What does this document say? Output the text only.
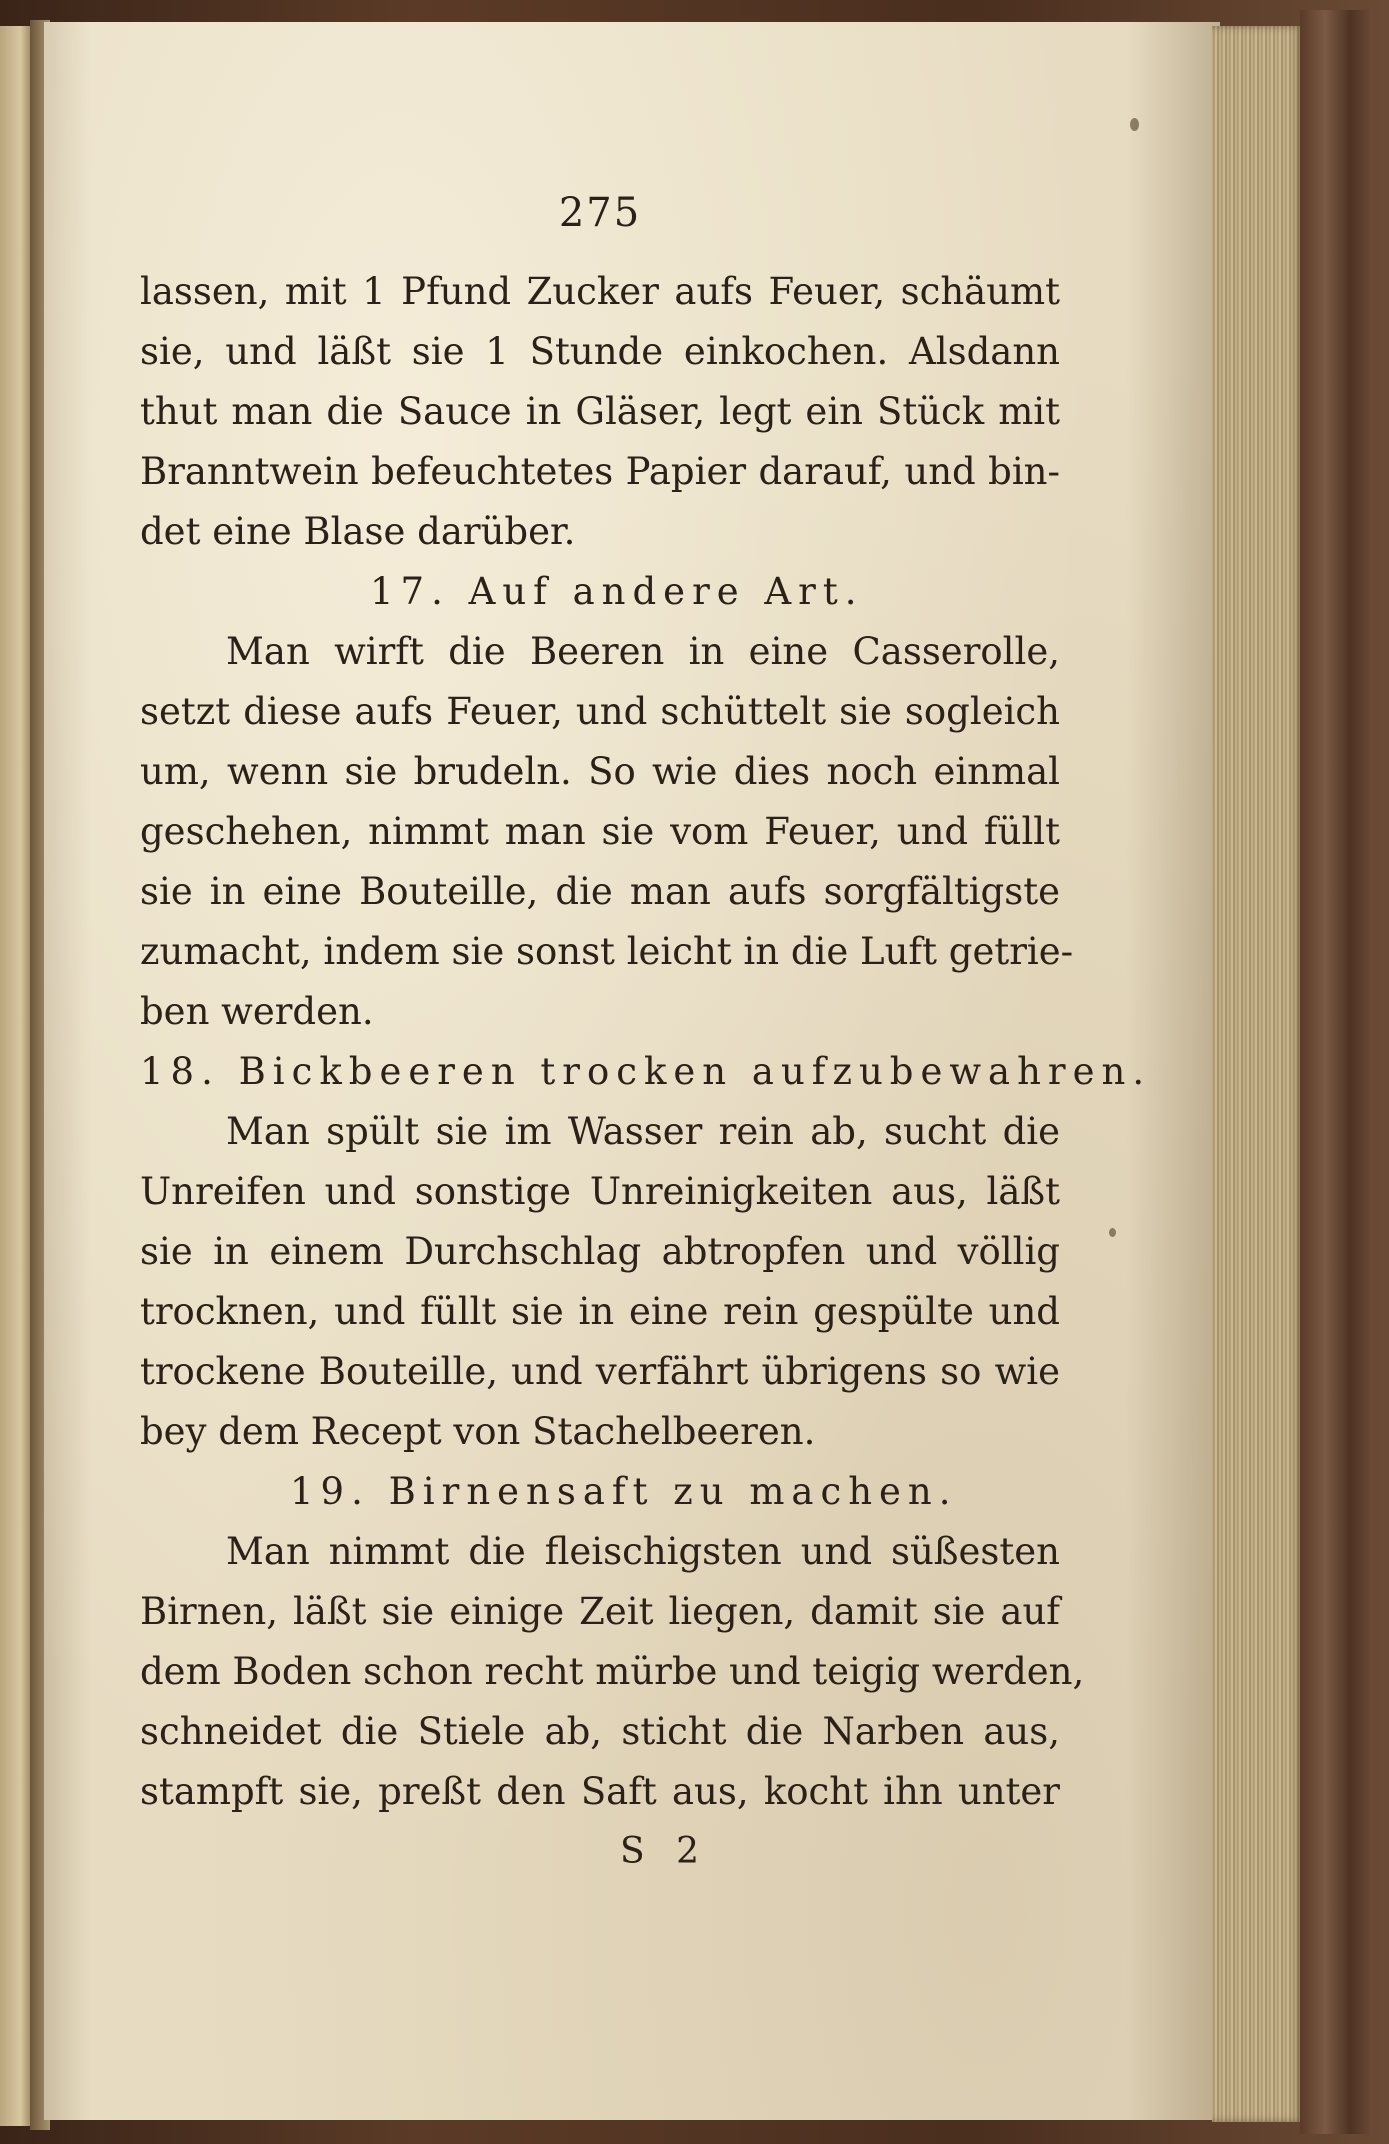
275
lassen, mit 1 Pfund Zucker aufs Feuer, schäumt
sie, und läßt sie 1 Stunde einkochen. Alsdann
thut man die Sauce in Gläser, legt ein Stück mit
Branntwein befeuchtetes Papier darauf, und bin-
det eine Blase darüber.
17. Auf andere Art.
Man wirft die Beeren in eine Casserolle,
setzt diese aufs Feuer, und schüttelt sie sogleich
um, wenn sie brudeln. So wie dies noch einmal
geschehen, nimmt man sie vom Feuer, und füllt
sie in eine Bouteille, die man aufs sorgfältigste
zumacht, indem sie sonst leicht in die Luft getrie-
ben werden.
18. Bickbeeren trocken aufzubewahren.
Man spült sie im Wasser rein ab, sucht die
Unreifen und sonstige Unreinigkeiten aus, läßt
sie in einem Durchschlag abtropfen und völlig
trocknen, und füllt sie in eine rein gespülte und
trockene Bouteille, und verfährt übrigens so wie
bey dem Recept von Stachelbeeren.
19. Birnensaft zu machen.
Man nimmt die fleischigsten und süßesten
Birnen, läßt sie einige Zeit liegen, damit sie auf
dem Boden schon recht mürbe und teigig werden,
schneidet die Stiele ab, sticht die Narben aus,
stampft sie, preßt den Saft aus, kocht ihn unter
S 2
